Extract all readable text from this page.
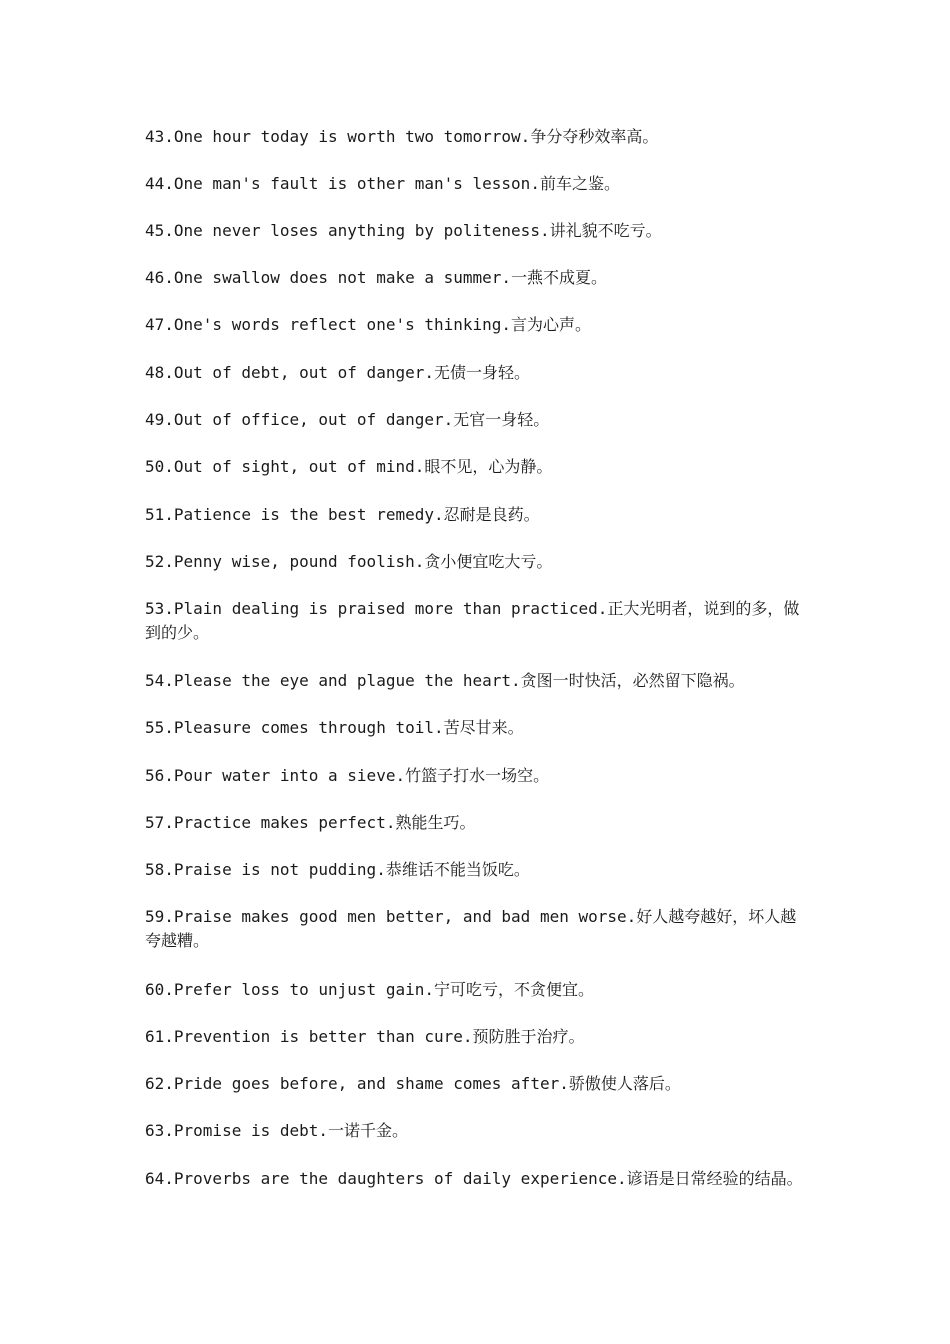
43.One hour today is worth two tomorrow.争分夺秒效率高。

44.One man's fault is other man's lesson.前车之鉴。

45.One never loses anything by politeness.讲礼貌不吃亏。

46.One swallow does not make a summer.一燕不成夏。

47.One's words reflect one's thinking.言为心声。

48.Out of debt, out of danger.无债一身轻。

49.Out of office, out of danger.无官一身轻。

50.Out of sight, out of mind.眼不见，心为静。

51.Patience is the best remedy.忍耐是良药。

52.Penny wise, pound foolish.贪小便宜吃大亏。

53.Plain dealing is praised more than practiced.正大光明者，说到的多，做到的少。

54.Please the eye and plague the heart.贪图一时快活，必然留下隐祸。

55.Pleasure comes through toil.苦尽甘来。

56.Pour water into a sieve.竹篮子打水一场空。

57.Practice makes perfect.熟能生巧。

58.Praise is not pudding.恭维话不能当饭吃。

59.Praise makes good men better, and bad men worse.好人越夸越好，坏人越夸越糟。

60.Prefer loss to unjust gain.宁可吃亏，不贪便宜。

61.Prevention is better than cure.预防胜于治疗。

62.Pride goes before, and shame comes after.骄傲使人落后。

63.Promise is debt.一诺千金。

64.Proverbs are the daughters of daily experience.谚语是日常经验的结晶。
